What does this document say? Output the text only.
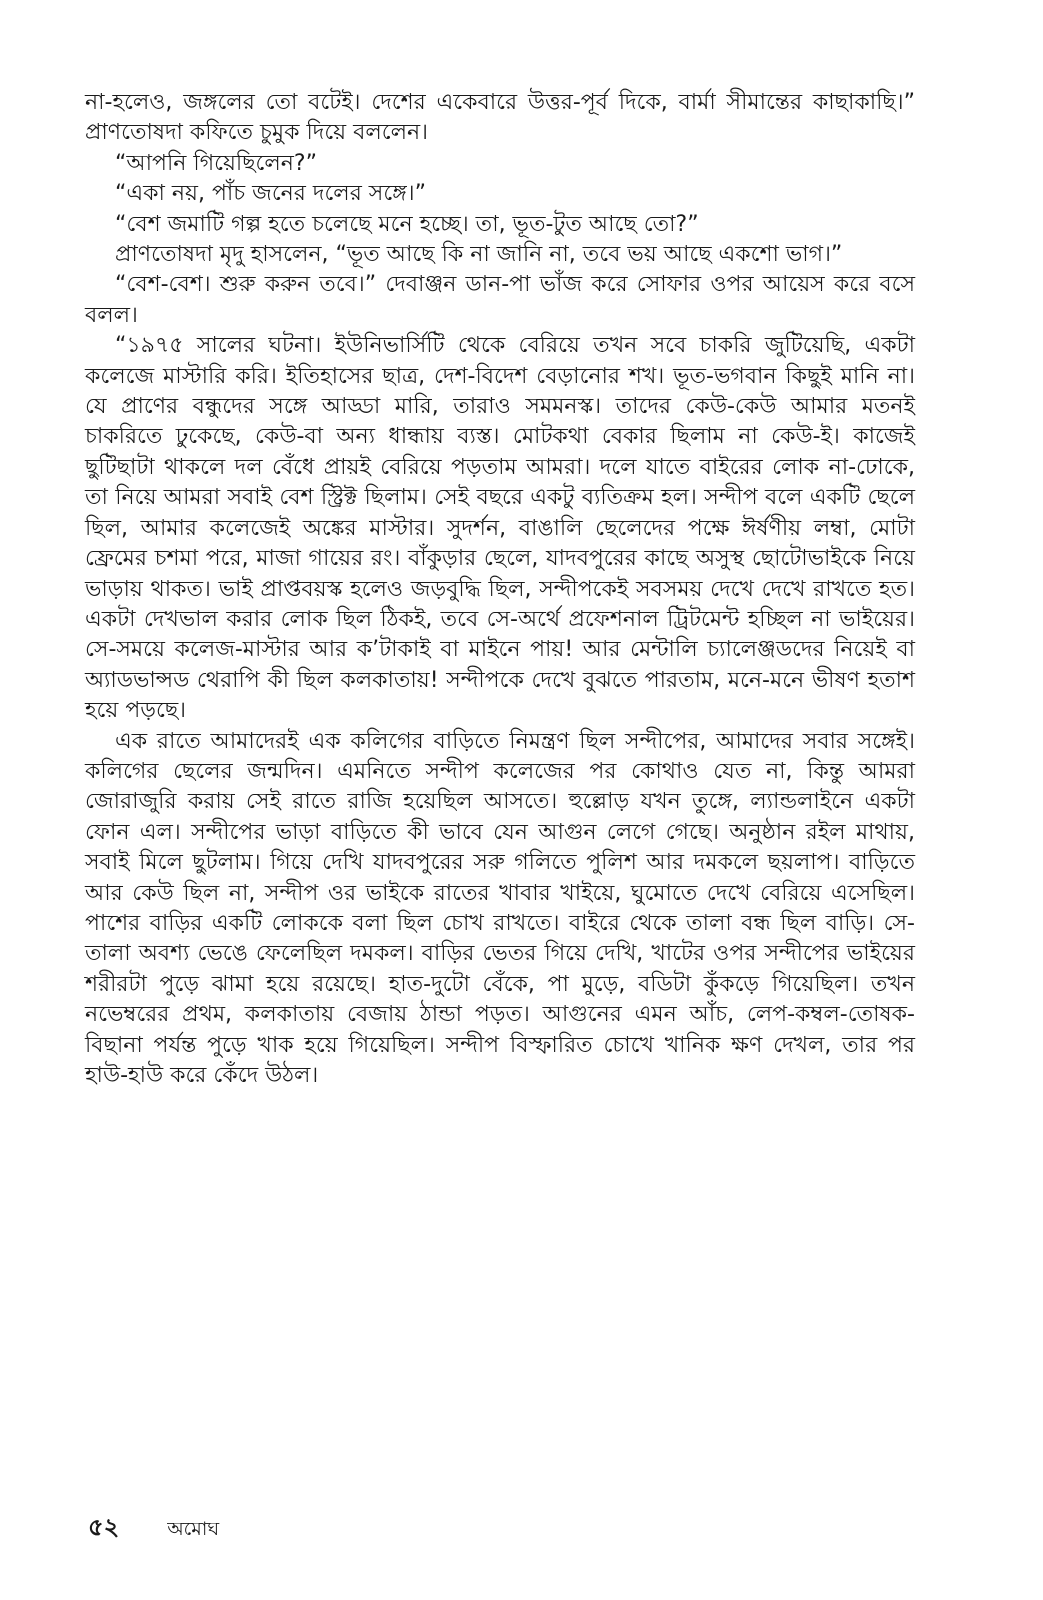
না-হলেও, জঙ্গলের তো বটেই। দেশের একেবারে উত্তর-পূর্ব দিকে, বার্মা সীমান্তের কাছাকাছি।” প্রাণতোষদা কফিতে চুমুক দিয়ে বললেন।

“আপনি গিয়েছিলেন?”

“একা নয়, পাঁচ জনের দলের সঙ্গে।”

“বেশ জমাটি গল্প হতে চলেছে মনে হচ্ছে। তা, ভূত-টুত আছে তো?”

প্রাণতোষদা মৃদু হাসলেন, “ভূত আছে কি না জানি না, তবে ভয় আছে একশো ভাগ।”

“বেশ-বেশ। শুরু করুন তবে।” দেবাঞ্জন ডান-পা ভাঁজ করে সোফার ওপর আয়েস করে বসে বলল।

“১৯৭৫ সালের ঘটনা। ইউনিভার্সিটি থেকে বেরিয়ে তখন সবে চাকরি জুটিয়েছি, একটা কলেজে মাস্টারি করি। ইতিহাসের ছাত্র, দেশ-বিদেশ বেড়ানোর শখ। ভূত-ভগবান কিছুই মানি না। যে প্রাণের বন্ধুদের সঙ্গে আড্ডা মারি, তারাও সমমনস্ক। তাদের কেউ-কেউ আমার মতনই চাকরিতে ঢুকেছে, কেউ-বা অন্য ধান্ধায় ব্যস্ত। মোটকথা বেকার ছিলাম না কেউ-ই। কাজেই ছুটিছাটা থাকলে দল বেঁধে প্রায়ই বেরিয়ে পড়তাম আমরা। দলে যাতে বাইরের লোক না-ঢোকে, তা নিয়ে আমরা সবাই বেশ স্ট্রিক্ট ছিলাম। সেই বছরে একটু ব্যতিক্রম হল। সন্দীপ বলে একটি ছেলে ছিল, আমার কলেজেই অঙ্কের মাস্টার। সুদর্শন, বাঙালি ছেলেদের পক্ষে ঈর্ষণীয় লম্বা, মোটা ফ্রেমের চশমা পরে, মাজা গায়ের রং। বাঁকুড়ার ছেলে, যাদবপুরের কাছে অসুস্থ ছোটোভাইকে নিয়ে ভাড়ায় থাকত। ভাই প্রাপ্তবয়স্ক হলেও জড়বুদ্ধি ছিল, সন্দীপকেই সবসময় দেখে দেখে রাখতে হত। একটা দেখভাল করার লোক ছিল ঠিকই, তবে সে-অর্থে প্রফেশনাল ট্রিটমেন্ট হচ্ছিল না ভাইয়ের। সে-সময়ে কলেজ-মাস্টার আর ক’টাকাই বা মাইনে পায়! আর মেন্টালি চ্যালেঞ্জডদের নিয়েই বা অ্যাডভান্সড থেরাপি কী ছিল কলকাতায়! সন্দীপকে দেখে বুঝতে পারতাম, মনে-মনে ভীষণ হতাশ হয়ে পড়ছে।

এক রাতে আমাদেরই এক কলিগের বাড়িতে নিমন্ত্রণ ছিল সন্দীপের, আমাদের সবার সঙ্গেই। কলিগের ছেলের জন্মদিন। এমনিতে সন্দীপ কলেজের পর কোথাও যেত না, কিন্তু আমরা জোরাজুরি করায় সেই রাতে রাজি হয়েছিল আসতে। হুল্লোড় যখন তুঙ্গে, ল্যান্ডলাইনে একটা ফোন এল। সন্দীপের ভাড়া বাড়িতে কী ভাবে যেন আগুন লেগে গেছে। অনুষ্ঠান রইল মাথায়, সবাই মিলে ছুটলাম। গিয়ে দেখি যাদবপুরের সরু গলিতে পুলিশ আর দমকলে ছয়লাপ। বাড়িতে আর কেউ ছিল না, সন্দীপ ওর ভাইকে রাতের খাবার খাইয়ে, ঘুমোতে দেখে বেরিয়ে এসেছিল। পাশের বাড়ির একটি লোককে বলা ছিল চোখ রাখতে। বাইরে থেকে তালা বন্ধ ছিল বাড়ি। সে-তালা অবশ্য ভেঙে ফেলেছিল দমকল। বাড়ির ভেতর গিয়ে দেখি, খাটের ওপর সন্দীপের ভাইয়ের শরীরটা পুড়ে ঝামা হয়ে রয়েছে। হাত-দুটো বেঁকে, পা মুড়ে, বডিটা কুঁকড়ে গিয়েছিল। তখন নভেম্বরের প্রথম, কলকাতায় বেজায় ঠান্ডা পড়ত। আগুনের এমন আঁচ, লেপ-কম্বল-তোষক-বিছানা পর্যন্ত পুড়ে খাক হয়ে গিয়েছিল। সন্দীপ বিস্ফারিত চোখে খানিক ক্ষণ দেখল, তার পর হাউ-হাউ করে কেঁদে উঠল।

৫২	অমোঘ
